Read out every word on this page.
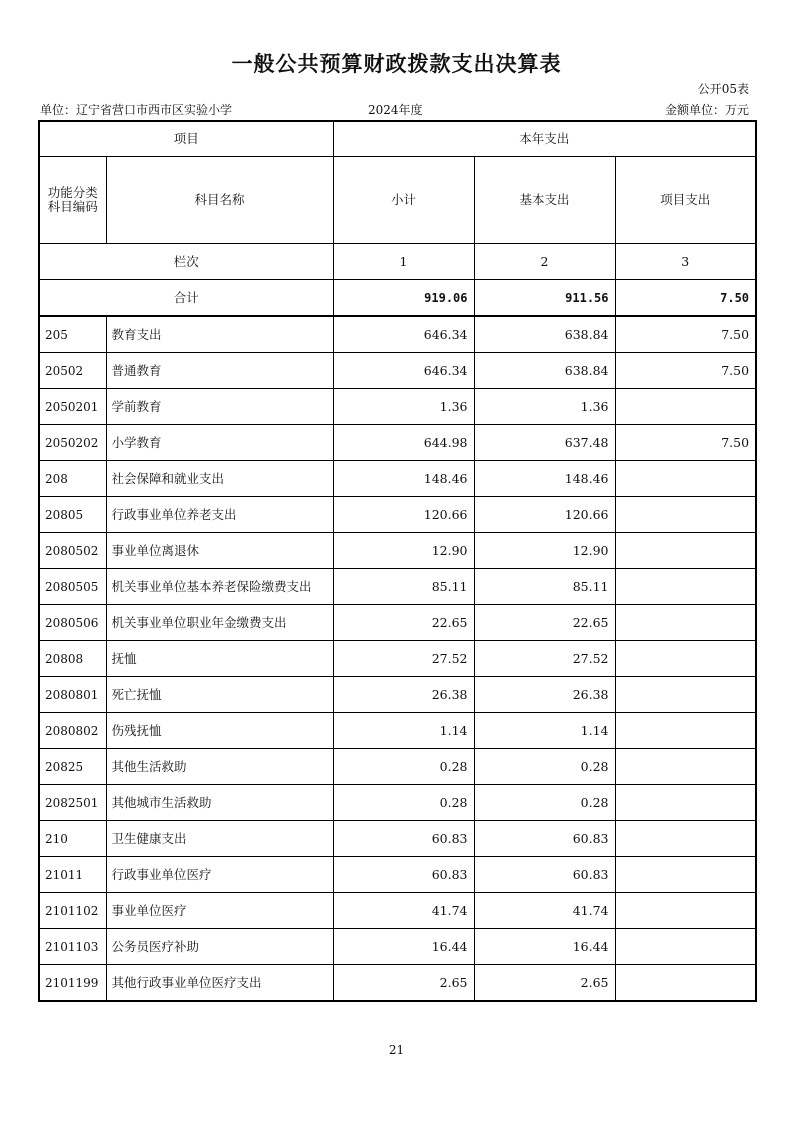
一般公共预算财政拨款支出决算表
公开05表
单位：辽宁省营口市西市区实验小学	2024年度	金额单位：万元
项目		本年支出		
功能分类科目编码	科目名称	小计	基本支出	项目支出
栏次		1	2	3
合计		919.06	911.56	7.50
205	教育支出	646.34	638.84	7.50
20502	普通教育	646.34	638.84	7.50
2050201	学前教育	1.36	1.36	
2050202	小学教育	644.98	637.48	7.50
208	社会保障和就业支出	148.46	148.46	
20805	行政事业单位养老支出	120.66	120.66	
2080502	事业单位离退休	12.90	12.90	
2080505	机关事业单位基本养老保险缴费支出	85.11	85.11	
2080506	机关事业单位职业年金缴费支出	22.65	22.65	
20808	抚恤	27.52	27.52	
2080801	死亡抚恤	26.38	26.38	
2080802	伤残抚恤	1.14	1.14	
20825	其他生活救助	0.28	0.28	
2082501	其他城市生活救助	0.28	0.28	
210	卫生健康支出	60.83	60.83	
21011	行政事业单位医疗	60.83	60.83	
2101102	事业单位医疗	41.74	41.74	
2101103	公务员医疗补助	16.44	16.44	
2101199	其他行政事业单位医疗支出	2.65	2.65	
21
